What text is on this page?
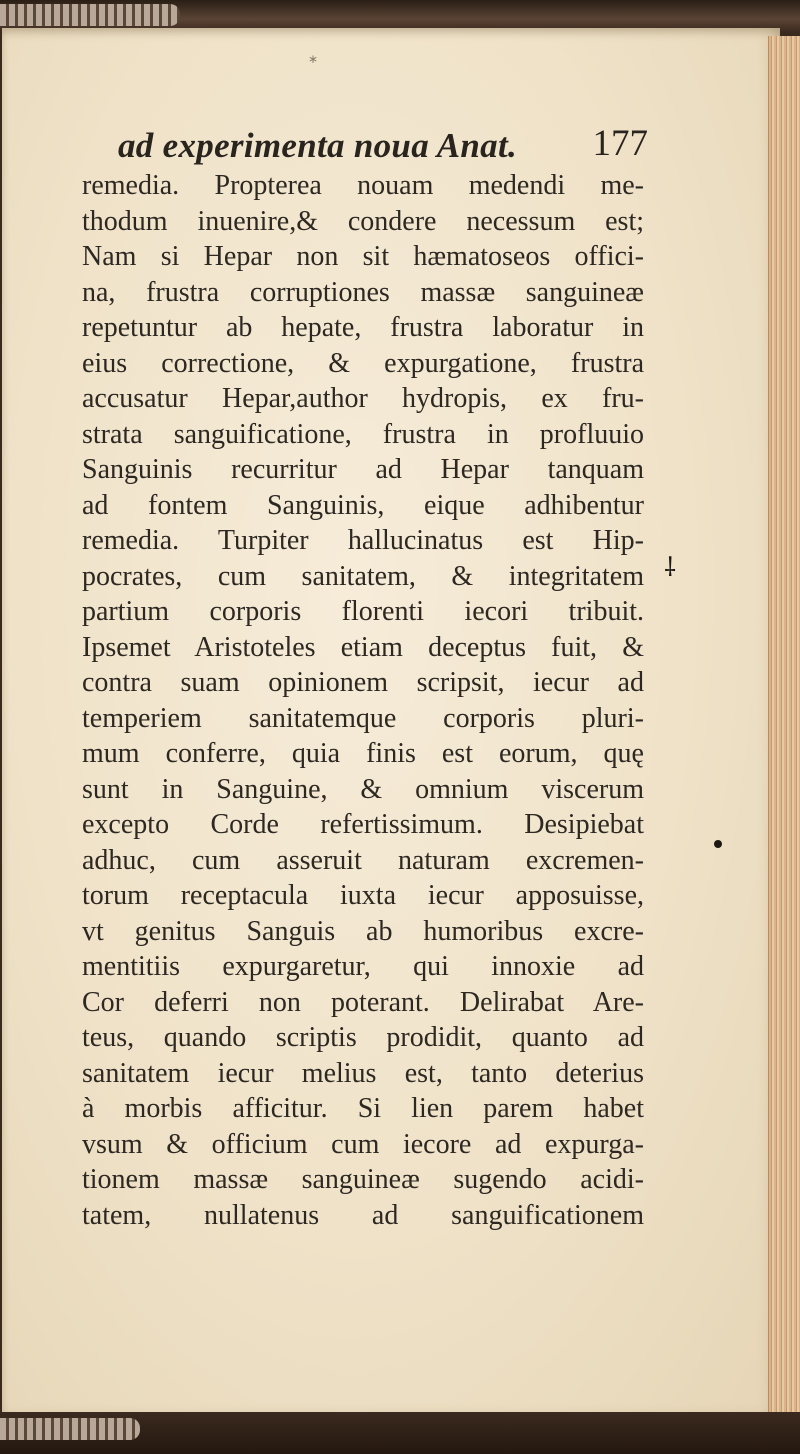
∗
ad experimenta noua Anat. 177
remedia. Propterea nouam medendi me-
thodum inuenire,& condere necessum est;
Nam si Hepar non sit hæmatoseos offici-
na, frustra corruptiones massæ sanguineæ
repetuntur ab hepate, frustra laboratur in
eius correctione, & expurgatione, frustra
accusatur Hepar,author hydropis, ex fru-
strata sanguificatione, frustra in profluuio
Sanguinis recurritur ad Hepar tanquam
ad fontem Sanguinis, eique adhibentur
remedia. Turpiter hallucinatus est Hip-
pocrates, cum sanitatem, & integritatem
partium corporis florenti iecori tribuit.
Ipsemet Aristoteles etiam deceptus fuit, &
contra suam opinionem scripsit, iecur ad
temperiem sanitatemque corporis pluri-
mum conferre, quia finis est eorum, quę
sunt in Sanguine, & omnium viscerum
excepto Corde refertissimum. Desipiebat
adhuc, cum asseruit naturam excremen-
torum receptacula iuxta iecur apposuisse,
vt genitus Sanguis ab humoribus excre-
mentitiis expurgaretur, qui innoxie ad
Cor deferri non poterant. Delirabat Are-
teus, quando scriptis prodidit, quanto ad
sanitatem iecur melius est, tanto deterius
à morbis afficitur. Si lien parem habet
vsum & officium cum iecore ad expurga-
tionem massæ sanguineæ sugendo acidi-
tatem, nullatenus ad sanguificationem
⸸
